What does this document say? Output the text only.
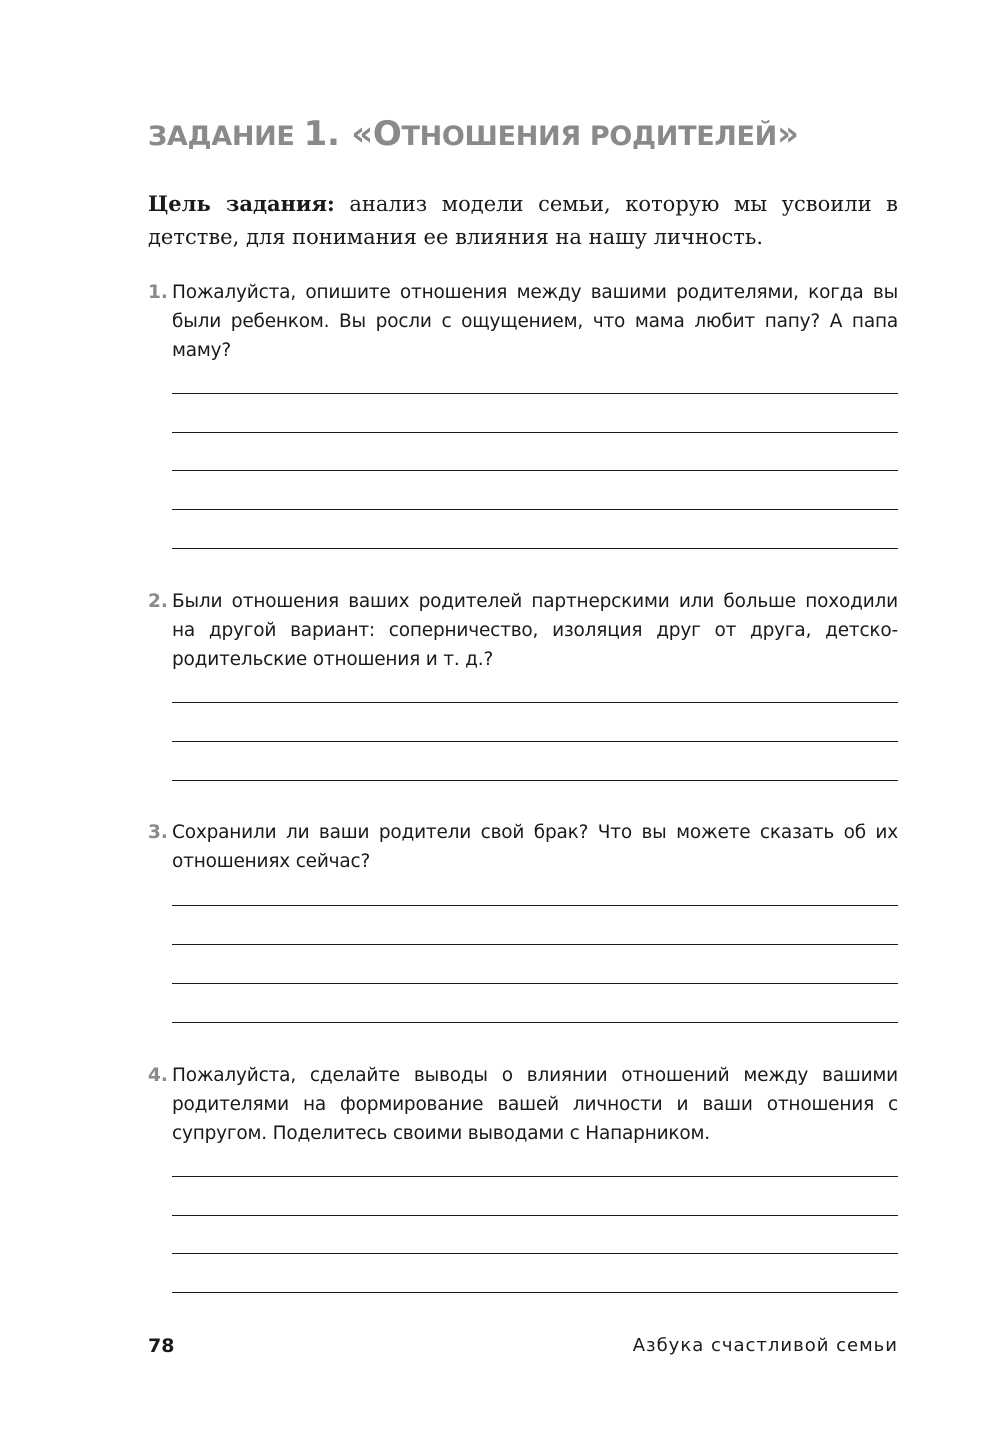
ЗАДАНИЕ 1. «ОТНОШЕНИЯ РОДИТЕЛЕЙ»
Цель задания: анализ модели семьи, которую мы усвоили в детстве, для понимания ее влияния на нашу личность.
1. Пожалуйста, опишите отношения между вашими родителями, когда вы были ребенком. Вы росли с ощущением, что мама любит папу? А папа маму?
2. Были отношения ваших родителей партнерскими или больше походили на другой вариант: соперничество, изоляция друг от друга, детско-родительские отношения и т. д.?
3. Сохранили ли ваши родители свой брак? Что вы можете сказать об их отношениях сейчас?
4. Пожалуйста, сделайте выводы о влиянии отношений между вашими родителями на формирование вашей личности и ваши отношения с супругом. Поделитесь своими выводами с Напарником.
78	Азбука счастливой семьи
